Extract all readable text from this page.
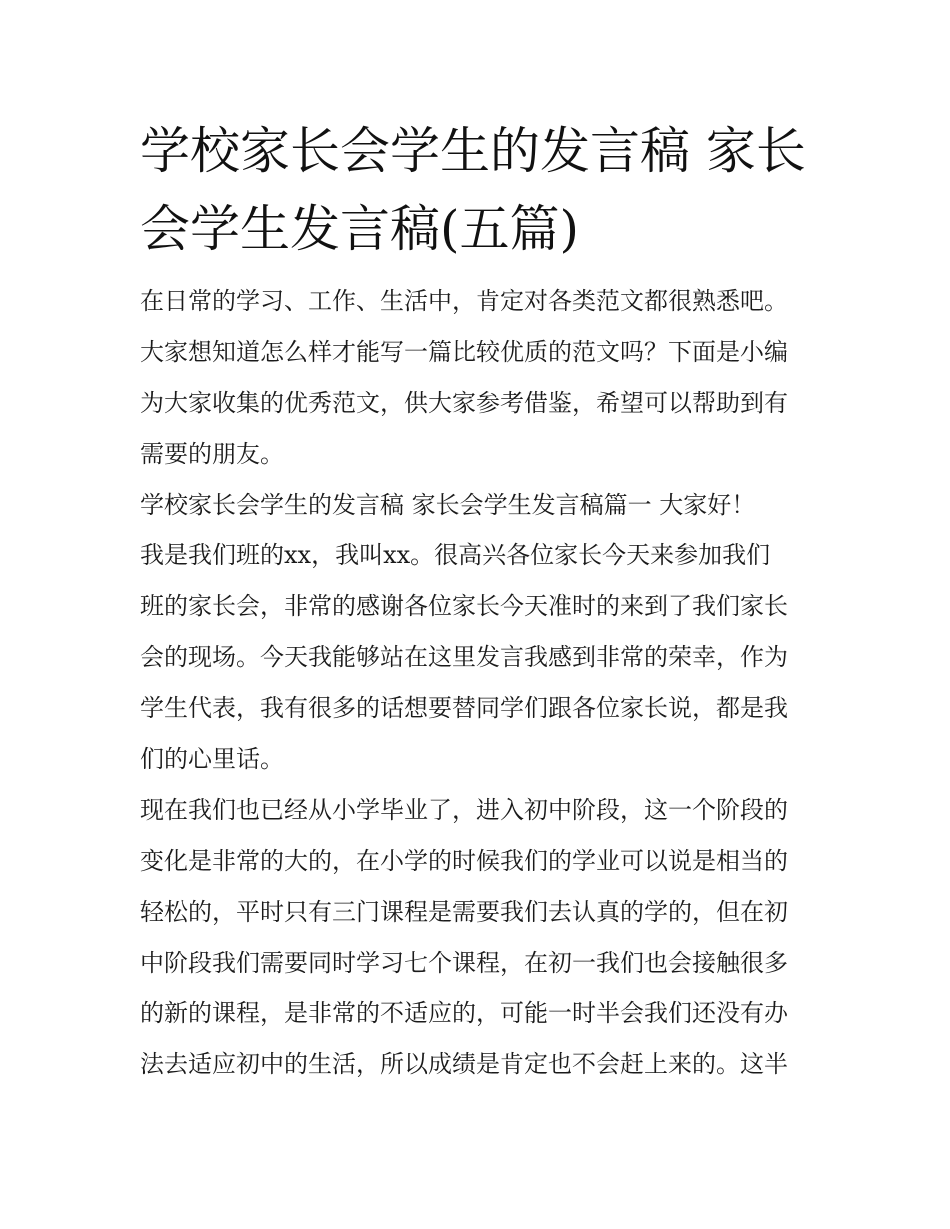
学校家长会学生的发言稿 家长
会学生发言稿(五篇)
在日常的学习、工作、生活中，肯定对各类范文都很熟悉吧。
大家想知道怎么样才能写一篇比较优质的范文吗？下面是小编
为大家收集的优秀范文，供大家参考借鉴，希望可以帮助到有
需要的朋友。
学校家长会学生的发言稿 家长会学生发言稿篇一 大家好！
我是我们班的xx，我叫xx。很高兴各位家长今天来参加我们
班的家长会，非常的感谢各位家长今天准时的来到了我们家长
会的现场。今天我能够站在这里发言我感到非常的荣幸，作为
学生代表，我有很多的话想要替同学们跟各位家长说，都是我
们的心里话。
现在我们也已经从小学毕业了，进入初中阶段，这一个阶段的
变化是非常的大的，在小学的时候我们的学业可以说是相当的
轻松的，平时只有三门课程是需要我们去认真的学的，但在初
中阶段我们需要同时学习七个课程，在初一我们也会接触很多
的新的课程，是非常的不适应的，可能一时半会我们还没有办
法去适应初中的生活，所以成绩是肯定也不会赶上来的。这半
